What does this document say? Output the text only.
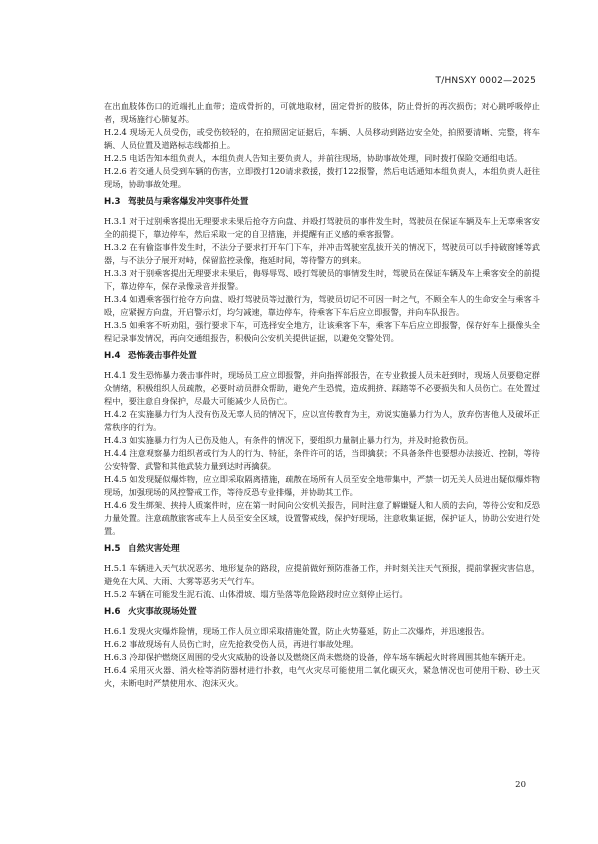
T/HNSXY 0002—2025

在出血肢体伤口的近端扎止血带；造成骨折的，可就地取材，固定骨折的肢体，防止骨折的再次损伤；对心跳呼吸停止者，现场施行心肺复苏。

H.2.4 现场无人员受伤，或受伤较轻的，在拍照固定证据后，车辆、人员移动到路边安全处，拍照要清晰、完整，将车辆、人员位置及道路标志线都拍上。

H.2.5 电话告知本组负责人，本组负责人告知主要负责人，并前往现场，协助事故处理，同时拨打保险交通组电话。

H.2.6 若交通人员受到车辆的伤害，立即拨打120请求救援，拨打122报警，然后电话通知本组负责人，本组负责人赶往现场，协助事故处理。

H.3 驾驶员与乘客爆发冲突事件处置

H.3.1 对于过别乘客提出无理要求未果后抢夺方向盘、并殴打驾驶员的事件发生时，驾驶员在保证车辆及车上无辜乘客安全的前提下，靠边停车，然后采取一定的自卫措施，并提醒有正义感的乘客报警。

H.3.2 在有偷盗事件发生时，不法分子要求打开车门下车，并冲击驾驶室乱拔开关的情况下，驾驶员可以手持破窗锤等武器，与不法分子展开对峙，保留监控录像，拖延时间，等待警方的到来。

H.3.3 对于别乘客提出无理要求未果后，侮辱辱骂、殴打驾驶员的事情发生时，驾驶员在保证车辆及车上乘客安全的前提下，靠边停车，保存录像录音并报警。

H.3.4 如遇乘客强行抢夺方向盘、殴打驾驶员等过激行为，驾驶员切记不可因一时之气，不顾全车人的生命安全与乘客斗殴，应紧握方向盘，开启警示灯，均匀减速，靠边停车，待乘客下车后应立即报警，并向车队报告。

H.3.5 如乘客不听劝阻，强行要求下车，可选择安全地方，让该乘客下车，乘客下车后应立即报警，保存好车上摄像头全程记录事发情况，再向交通组报告，积极向公安机关提供证据，以避免交警处罚。

H.4 恐怖袭击事件处置

H.4.1 发生恐怖暴力袭击事件时，现场员工应立即报警，并向指挥部报告，在专业救援人员未赶到时，现场人员要稳定群众情绪，积极组织人员疏散，必要时动员群众帮助，避免产生恐慌，造成拥挤、踩踏等不必要损失和人员伤亡。在处置过程中，要注意自身保护，尽最大可能减少人员伤亡。

H.4.2 在实施暴力行为人没有伤及无辜人员的情况下，应以宣传教育为主，劝说实施暴力行为人，放弃伤害他人及破坏正常秩序的行为。

H.4.3 如实施暴力行为人已伤及他人，有条件的情况下，要组织力量制止暴力行为，并及时抢救伤员。

H.4.4 注意观察暴力组织者或行为人的行为、特征，条件许可的话，当即擒获；不具备条件也要想办法接近、控制，等待公安特警、武警和其他武装力量到达时再擒获。

H.4.5 如发现疑似爆炸物，应立即采取隔离措施，疏散在场所有人员至安全地带集中，严禁一切无关人员进出疑似爆炸物现场，加强现场的风控警戒工作，等待反恐专业排爆，并协助其工作。

H.4.6 发生绑架、挟持人质案件时，应在第一时间向公安机关报告，同时注意了解嫌疑人和人质的去向，等待公安和反恐力量处置。注意疏散旅客或车上人员至安全区域，设置警戒线，保护好现场，注意收集证据，保护证人，协助公安进行处置。

H.5 自然灾害处理

H.5.1 车辆进入天气状况恶劣、地形复杂的路段，应提前做好预防准备工作，并时刻关注天气预报，提前掌握灾害信息，避免在大风、大雨、大雾等恶劣天气行车。

H.5.2 车辆在可能发生泥石流、山体滑坡、塌方坠落等危险路段时应立刻停止运行。

H.6 火灾事故现场处置

H.6.1 发现火灾爆炸险情，现场工作人员立即采取措施处置，防止火势蔓延，防止二次爆炸，并迅速报告。

H.6.2 事故现场有人员伤亡时，应先抢救受伤人员，再进行事故处理。

H.6.3 冷却保护燃烧区周围的受火灾威胁的设备以及燃烧区尚未燃烧的设备，停车场车辆起火时将周围其他车辆开走。

H.6.4 采用灭火器、消火栓等消防器材进行扑救，电气火灾尽可能使用二氧化碳灭火，紧急情况也可使用干粉、砂土灭火，未断电时严禁使用水、泡沫灭火。

20
